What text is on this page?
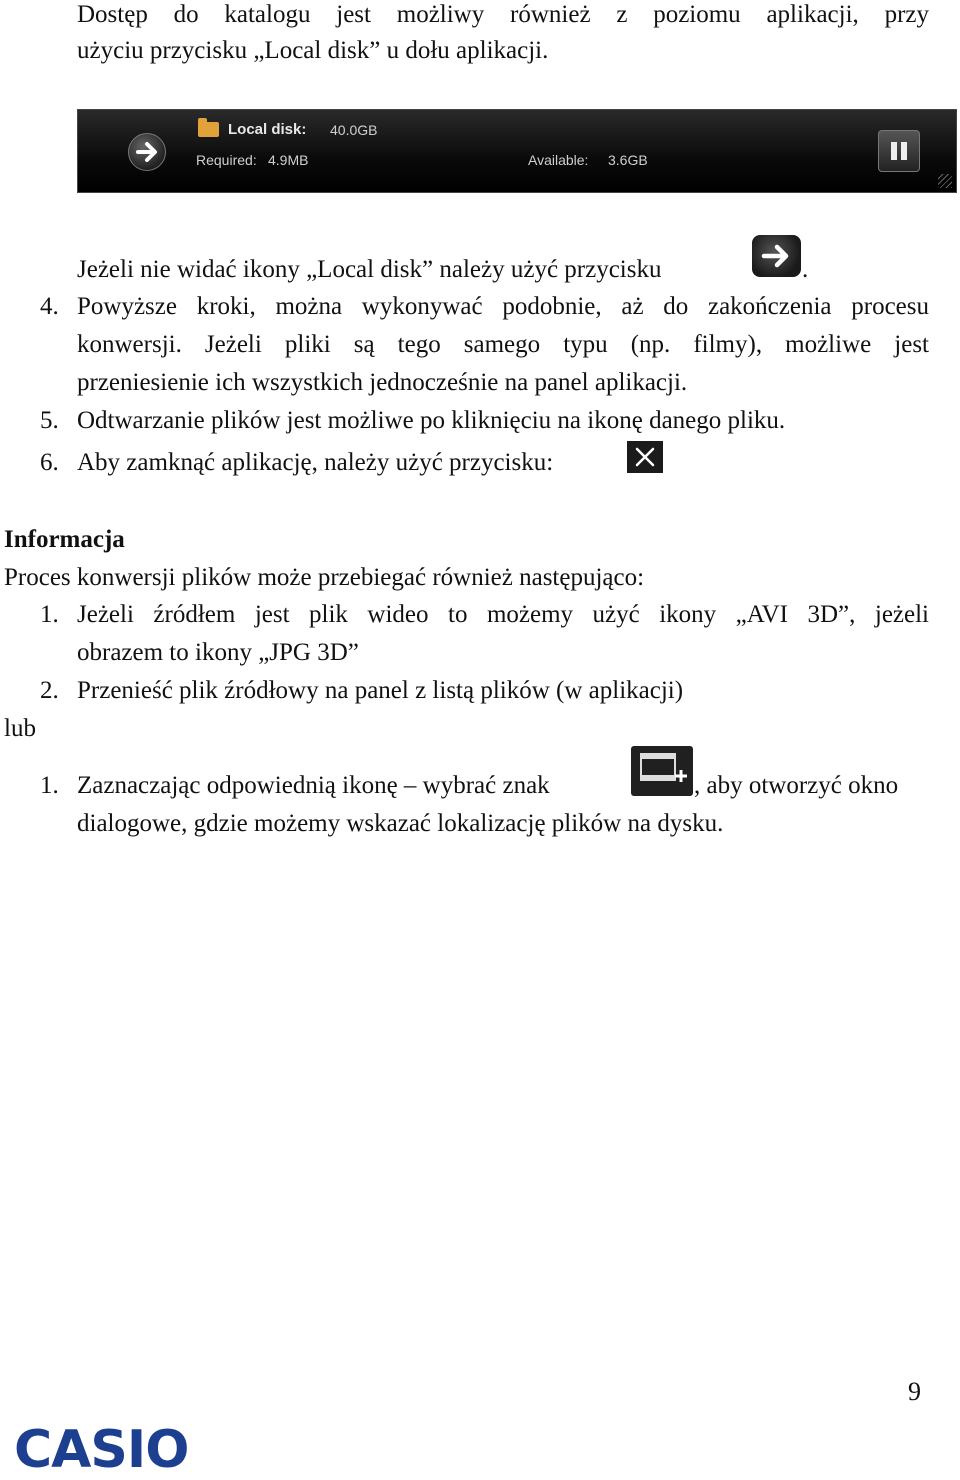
Dostęp do katalogu jest możliwy również z poziomu aplikacji, przy
użyciu przycisku „Local disk” u dołu aplikacji.
Local disk: 40.0GB
Required: 4.9MB	Available: 3.6GB
Jeżeli nie widać ikony „Local disk” należy użyć przycisku	.
4. Powyższe kroki, można wykonywać podobnie, aż do zakończenia procesu
konwersji. Jeżeli pliki są tego samego typu (np. filmy), możliwe jest
przeniesienie ich wszystkich jednocześnie na panel aplikacji.
5. Odtwarzanie plików jest możliwe po kliknięciu na ikonę danego pliku.
6. Aby zamknąć aplikację, należy użyć przycisku:
Informacja
Proces konwersji plików może przebiegać również następująco:
1. Jeżeli źródłem jest plik wideo to możemy użyć ikony „AVI 3D”, jeżeli
obrazem to ikony „JPG 3D”
2. Przenieść plik źródłowy na panel z listą plików (w aplikacji)
lub
1. Zaznaczając odpowiednią ikonę – wybrać znak	, aby otworzyć okno
dialogowe, gdzie możemy wskazać lokalizację plików na dysku.
9
CASIO
